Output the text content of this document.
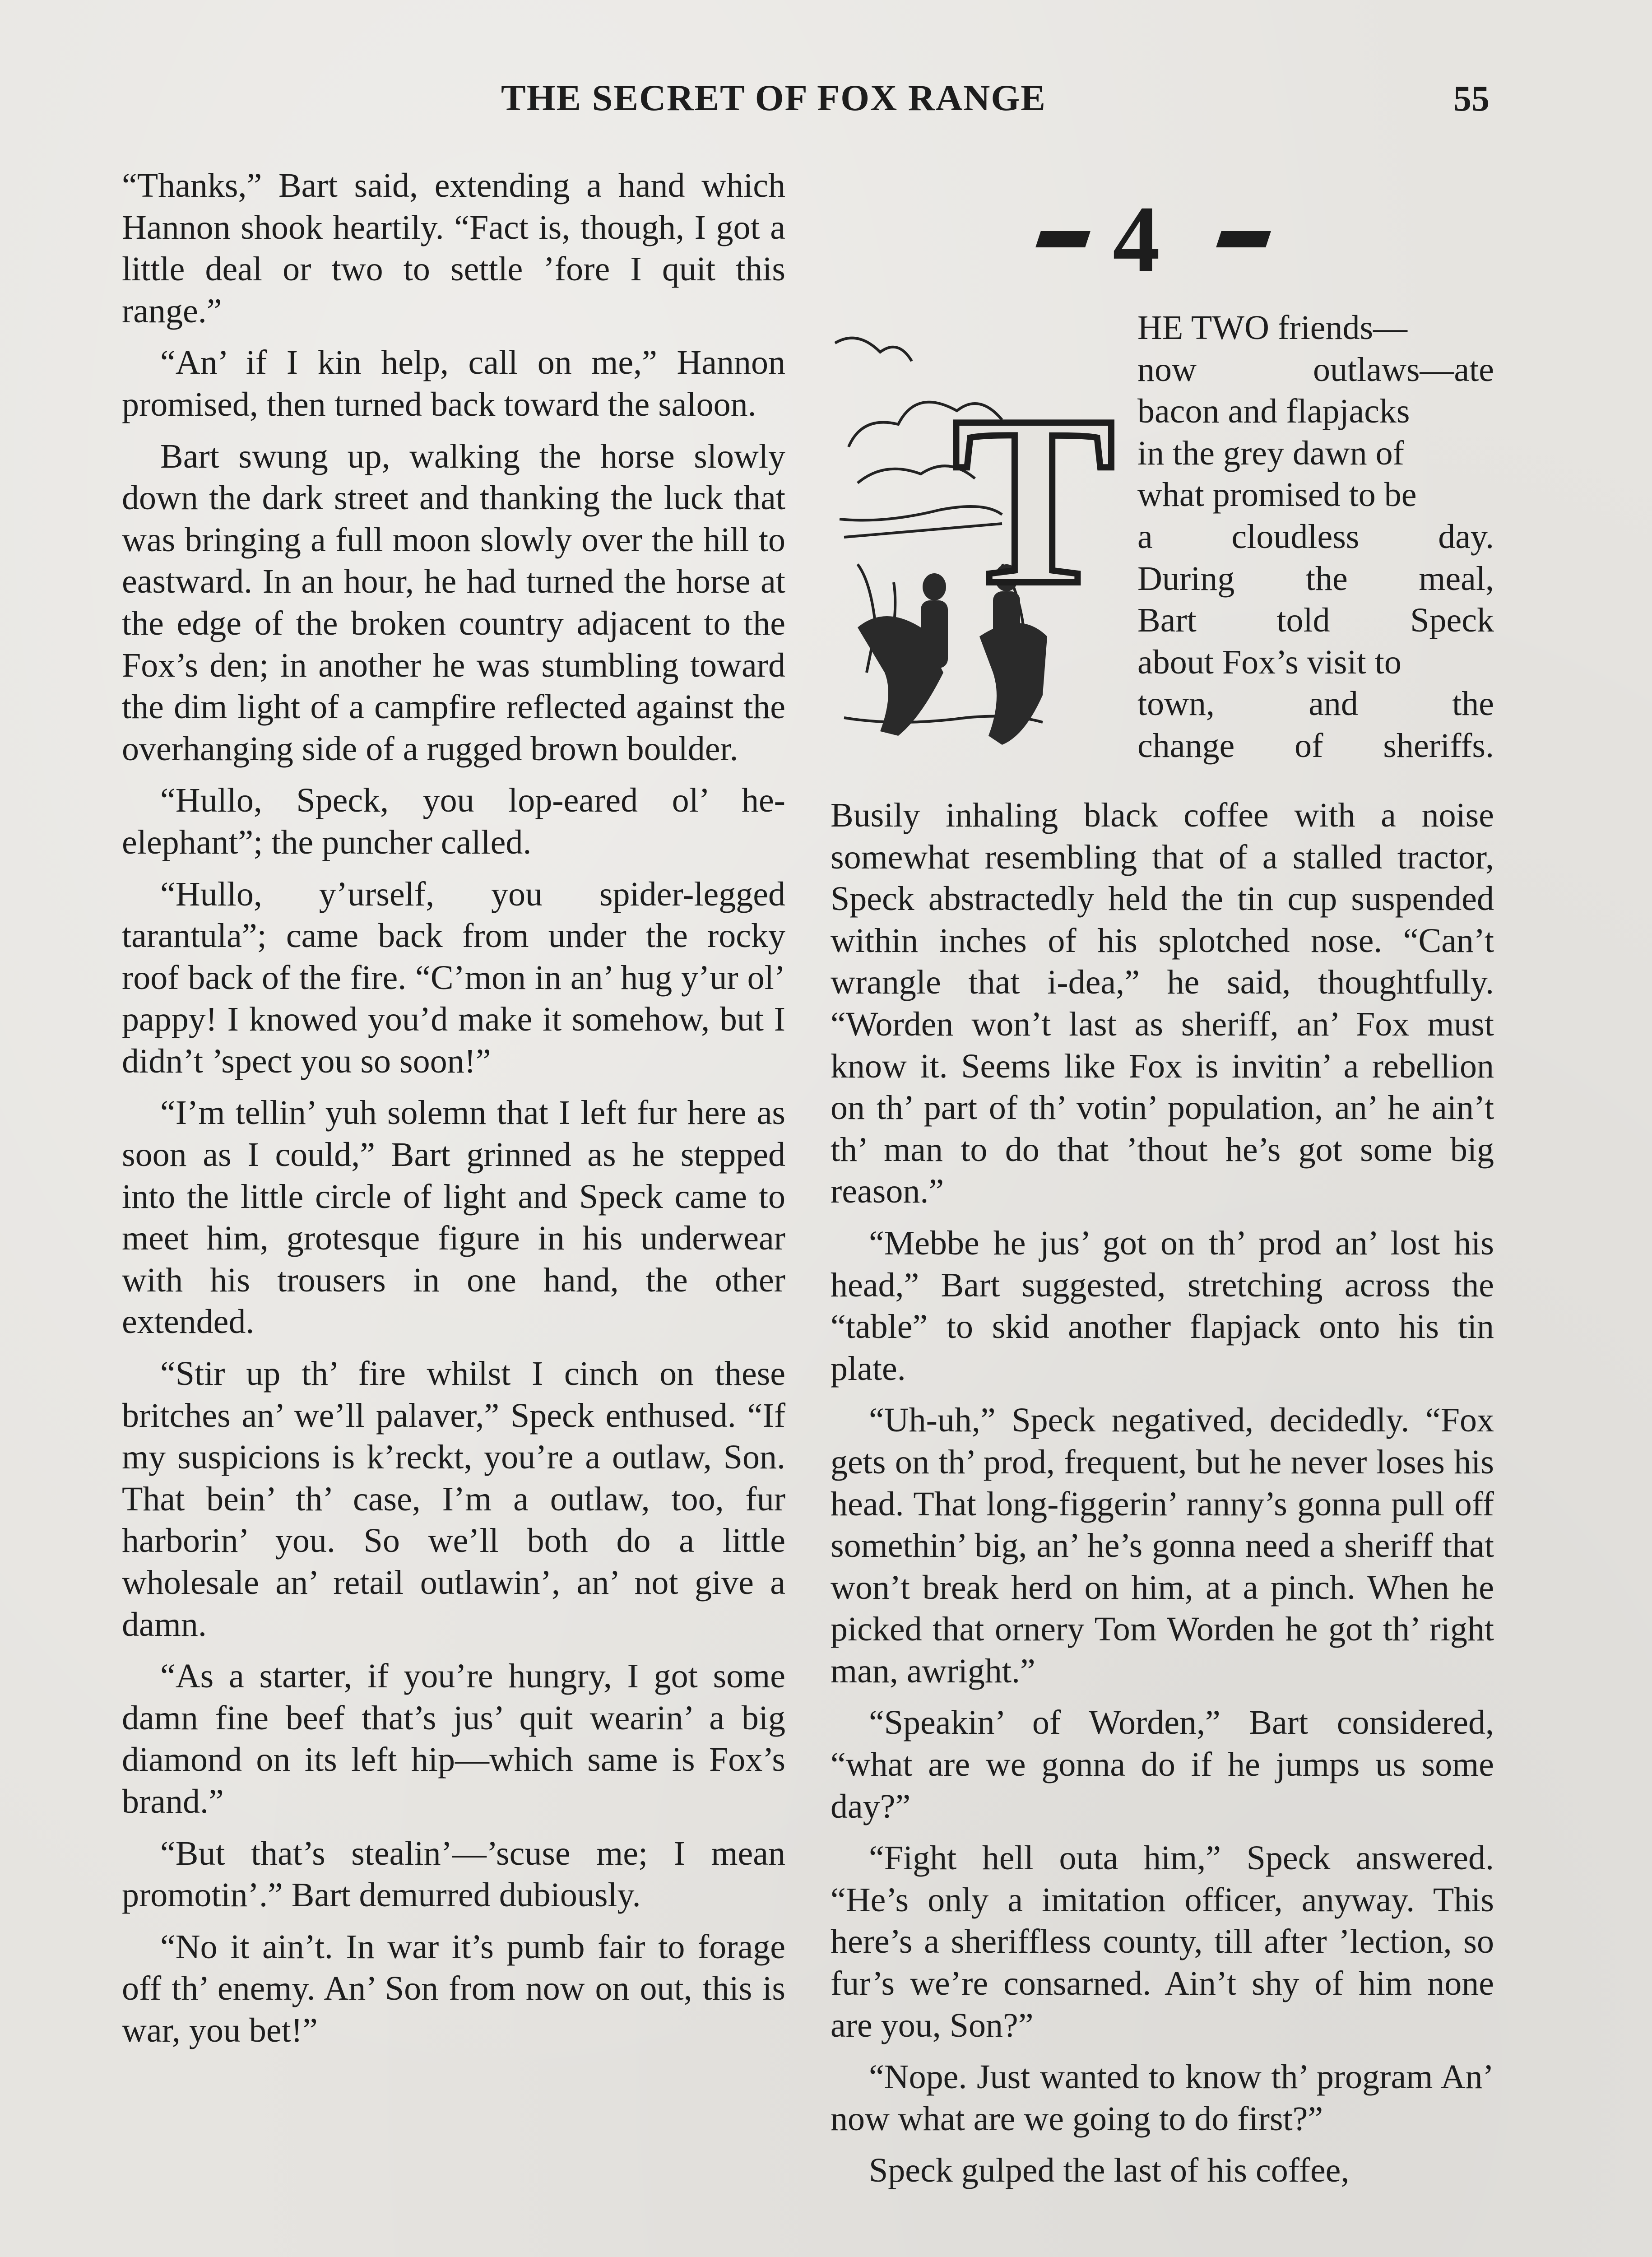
THE SECRET OF FOX RANGE	55

“Thanks,” Bart said, extending a hand which Hannon shook heartily. “Fact is, though, I got a little deal or two to settle ’fore I quit this range.”

“An’ if I kin help, call on me,” Hannon promised, then turned back toward the saloon.

Bart swung up, walking the horse slowly down the dark street and thanking the luck that was bringing a full moon slowly over the hill to eastward. In an hour, he had turned the horse at the edge of the broken country adjacent to the Fox’s den; in another he was stumbling toward the dim light of a campfire reflected against the overhanging side of a rugged brown boulder.

“Hullo, Speck, you lop-eared ol’ he-elephant”; the puncher called.

“Hullo, y’urself, you spider-legged tarantula”; came back from under the rocky roof back of the fire. “C’mon in an’ hug y’ur ol’ pappy! I knowed you’d make it somehow, but I didn’t ’spect you so soon!”

“I’m tellin’ yuh solemn that I left fur here as soon as I could,” Bart grinned as he stepped into the little circle of light and Speck came to meet him, grotesque figure in his underwear with his trousers in one hand, the other extended.

“Stir up th’ fire whilst I cinch on these britches an’ we’ll palaver,” Speck enthused. “If my suspicions is k’reckt, you’re a outlaw, Son. That bein’ th’ case, I’m a outlaw, too, fur harborin’ you. So we’ll both do a little wholesale an’ retail outlawin’, an’ not give a damn.

“As a starter, if you’re hungry, I got some damn fine beef that’s jus’ quit wearin’ a big diamond on its left hip—which same is Fox’s brand.”

“But that’s stealin’—’scuse me; I mean promotin’.” Bart demurred dubiously.

“No it ain’t. In war it’s pumb fair to forage off th’ enemy. An’ Son from now on out, this is war, you bet!”

4
T
HE TWO friends—
now	outlaws—ate
bacon and flapjacks
in the grey dawn of
what promised to be
a cloudless day.
During the meal,
Bart told Speck
about Fox’s visit to
town,	and	the
change of sheriffs.

Busily inhaling black coffee with a noise somewhat resembling that of a stalled tractor, Speck abstractedly held the tin cup suspended within inches of his splotched nose. “Can’t wrangle that i-dea,” he said, thoughtfully. “Worden won’t last as sheriff, an’ Fox must know it. Seems like Fox is invitin’ a rebellion on th’ part of th’ votin’ population, an’ he ain’t th’ man to do that ’thout he’s got some big reason.”

“Mebbe he jus’ got on th’ prod an’ lost his head,” Bart suggested, stretching across the “table” to skid another flapjack onto his tin plate.

“Uh-uh,” Speck negatived, decidedly. “Fox gets on th’ prod, frequent, but he never loses his head. That long-figgerin’ ranny’s gonna pull off somethin’ big, an’ he’s gonna need a sheriff that won’t break herd on him, at a pinch. When he picked that ornery Tom Worden he got th’ right man, awright.”

“Speakin’ of Worden,” Bart considered, “what are we gonna do if he jumps us some day?”

“Fight hell outa him,” Speck answered. “He’s only a imitation officer, anyway. This here’s a sheriffless county, till after ’lection, so fur’s we’re consarned. Ain’t shy of him none are you, Son?”

“Nope. Just wanted to know th’ program An’ now what are we going to do first?”

Speck gulped the last of his coffee,
